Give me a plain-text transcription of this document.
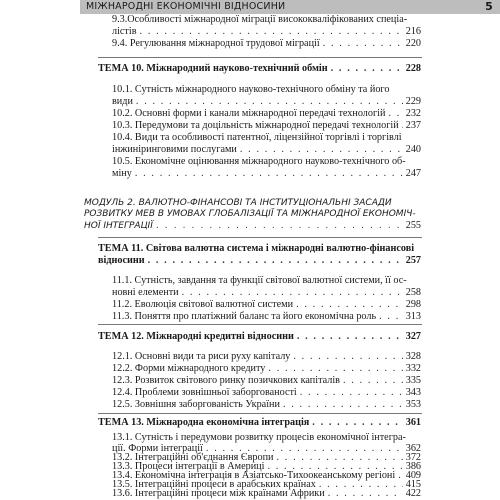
МІЖНАРОДНІ ЕКОНОМІЧНІ ВІДНОСИНИ	5
9.3.Особливості міжнародної міграції висококваліфікованих спеціа-
лістів . . .	216
9.4. Регулювання міжнародної трудової міграції . . .	220
ТЕМА 10. Міжнародний науково-технічний обмін . . .	228
10.1. Сутність міжнародного науково-технічного обміну та його
види . . .	229
10.2. Основні форми і канали міжнародної передачі технологій . . . 232
10.3. Передумови та доцільність міжнародної передачі технологій . . . 237
10.4. Види та особливості патентної, ліцензійної торгівлі і торгівлі
інжиніринговими послугами . . .	240
10.5. Економічне оцінювання міжнародного науково-технічного об-
міну . . .	247
МОДУЛЬ 2. ВАЛЮТНО-ФІНАНСОВІ ТА ІНСТИТУЦІОНАЛЬНІ ЗАСАДИ
РОЗВИТКУ МЕВ В УМОВАХ ГЛОБАЛІЗАЦІЇ ТА МІЖНАРОДНОЇ ЕКОНОМІЧ-
НОЇ ІНТЕГРАЦІЇ . . .	255
ТЕМА 11. Світова валютна система і міжнародні валютно-фінансові
відносини . . .	257
11.1. Сутність, завдання та функції світової валютної системи, її ос-
новні елементи . . .	258
11.2. Еволюція світової валютної системи . . .	298
11.3. Поняття про платіжний баланс та його економічна роль . . .	313
ТЕМА 12. Міжнародні кредитні відносини . . .	327
12.1. Основні види та риси руху капіталу . . .	328
12.2. Форми міжнародного кредиту . . .	332
12.3. Розвиток світового ринку позичкових капіталів . . .	335
12.4. Проблеми зовнішньої заборгованості . . .	343
12.5. Зовнішня заборгованість України . . .	353
ТЕМА 13. Міжнародна економічна інтеграція . . .	361
13.1. Сутність і передумови розвитку процесів економічної інтегра-
ції. Форми інтеграції . . .	362
13.2. Інтеграційні об'єднання Європи . . .	372
13.3. Процеси інтеграції в Америці . . .	386
13.4. Економічна інтеграція в Азіатсько-Тихоокеанському регіоні . . . 409
13.5. Інтеграційні процеси в арабських країнах . . .	415
13.6. Інтеграційні процеси між країнами Африки . . .	422
